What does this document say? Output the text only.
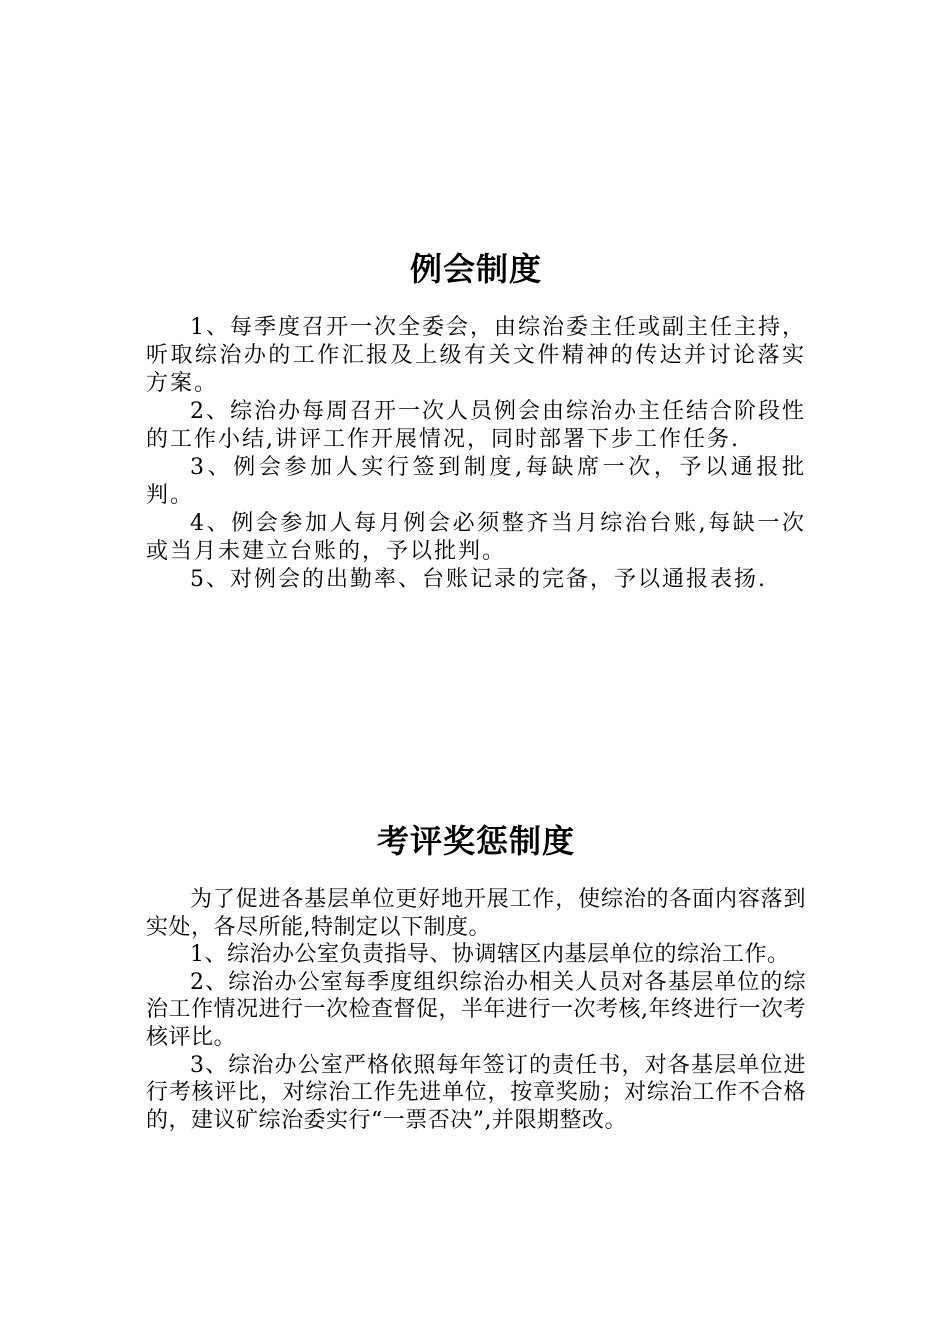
例会制度

1、每季度召开一次全委会，由综治委主任或副主任主持，听取综治办的工作汇报及上级有关文件精神的传达并讨论落实方案。

2、综治办每周召开一次人员例会由综治办主任结合阶段性的工作小结,讲评工作开展情况，同时部署下步工作任务.

3、例会参加人实行签到制度,每缺席一次，予以通报批判。

4、例会参加人每月例会必须整齐当月综治台账,每缺一次或当月未建立台账的，予以批判。

5、对例会的出勤率、台账记录的完备，予以通报表扬.

考评奖惩制度

为了促进各基层单位更好地开展工作，使综治的各面内容落到实处，各尽所能,特制定以下制度。

1、综治办公室负责指导、协调辖区内基层单位的综治工作。

2、综治办公室每季度组织综治办相关人员对各基层单位的综治工作情况进行一次检查督促，半年进行一次考核,年终进行一次考核评比。

3、综治办公室严格依照每年签订的责任书，对各基层单位进行考核评比，对综治工作先进单位，按章奖励；对综治工作不合格的，建议矿综治委实行“一票否决”,并限期整改。
